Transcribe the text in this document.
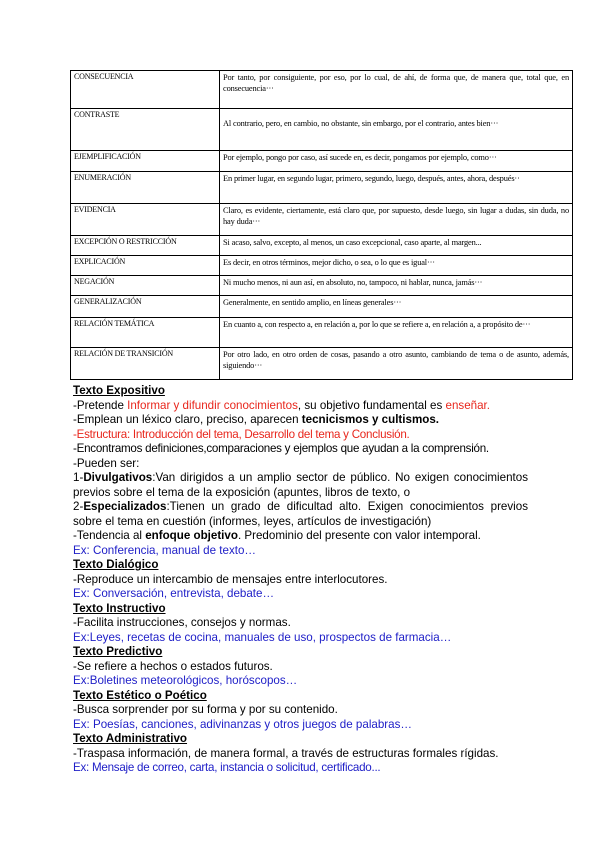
CONSECUENCIA	Por tanto, por consiguiente, por eso, por lo cual, de ahí, de forma que, de manera que, total que, en consecuencia···
CONTRASTE	Al contrario, pero, en cambio, no obstante, sin embargo, por el contrario, antes bien···
EJEMPLIFICACIÓN	Por ejemplo, pongo por caso, así sucede en, es decir, pongamos por ejemplo, como···
ENUMERACIÓN	En primer lugar, en segundo lugar, primero, segundo, luego, después, antes, ahora, después··
EVIDENCIA	Claro, es evidente, ciertamente, está claro que, por supuesto, desde luego, sin lugar a dudas, sin duda, no hay duda···
EXCEPCIÓN O RESTRICCIÓN	Si acaso, salvo, excepto, al menos, un caso excepcional, caso aparte, al margen...
EXPLICACIÓN	Es decir, en otros términos, mejor dicho, o sea, o lo que es igual···
NEGACIÓN	Ni mucho menos, ni aun así, en absoluto, no, tampoco, ni hablar, nunca, jamás···
GENERALIZACIÓN	Generalmente, en sentido amplio, en líneas generales···
RELACIÓN TEMÁTICA	En cuanto a, con respecto a, en relación a, por lo que se refiere a, en relación a, a propósito de···
RELACIÓN DE TRANSICIÓN	Por otro lado, en otro orden de cosas, pasando a otro asunto, cambiando de tema o de asunto, además, siguiendo···
Texto Expositivo
-Pretende Informar y difundir conocimientos, su objetivo fundamental es enseñar.
-Emplean un léxico claro, preciso, aparecen tecnicismos y cultismos.
-Estructura: Introducción del tema, Desarrollo del tema y Conclusión.
-Encontramos definiciones,comparaciones y ejemplos que ayudan a la comprensión.
-Pueden ser:
1-Divulgativos:Van dirigidos a un amplio sector de público. No exigen conocimientos previos sobre el tema de la exposición (apuntes, libros de texto, o
2-Especializados:Tienen un grado de dificultad alto. Exigen conocimientos previos sobre el tema en cuestión (informes, leyes, artículos de investigación)
-Tendencia al enfoque objetivo. Predominio del presente con valor intemporal.
Ex: Conferencia, manual de texto…
Texto Dialógico
-Reproduce un intercambio de mensajes entre interlocutores.
Ex: Conversación, entrevista, debate…
Texto Instructivo
-Facilita instrucciones, consejos y normas.
Ex:Leyes, recetas de cocina, manuales de uso, prospectos de farmacia…
Texto Predictivo
-Se refiere a hechos o estados futuros.
Ex:Boletines meteorológicos, horóscopos…
Texto Estético o Poético
-Busca sorprender por su forma y por su contenido.
Ex: Poesías, canciones, adivinanzas y otros juegos de palabras…
Texto Administrativo
-Traspasa información, de manera formal, a través de estructuras formales rígidas.
Ex: Mensaje de correo, carta, instancia o solicitud, certificado...
